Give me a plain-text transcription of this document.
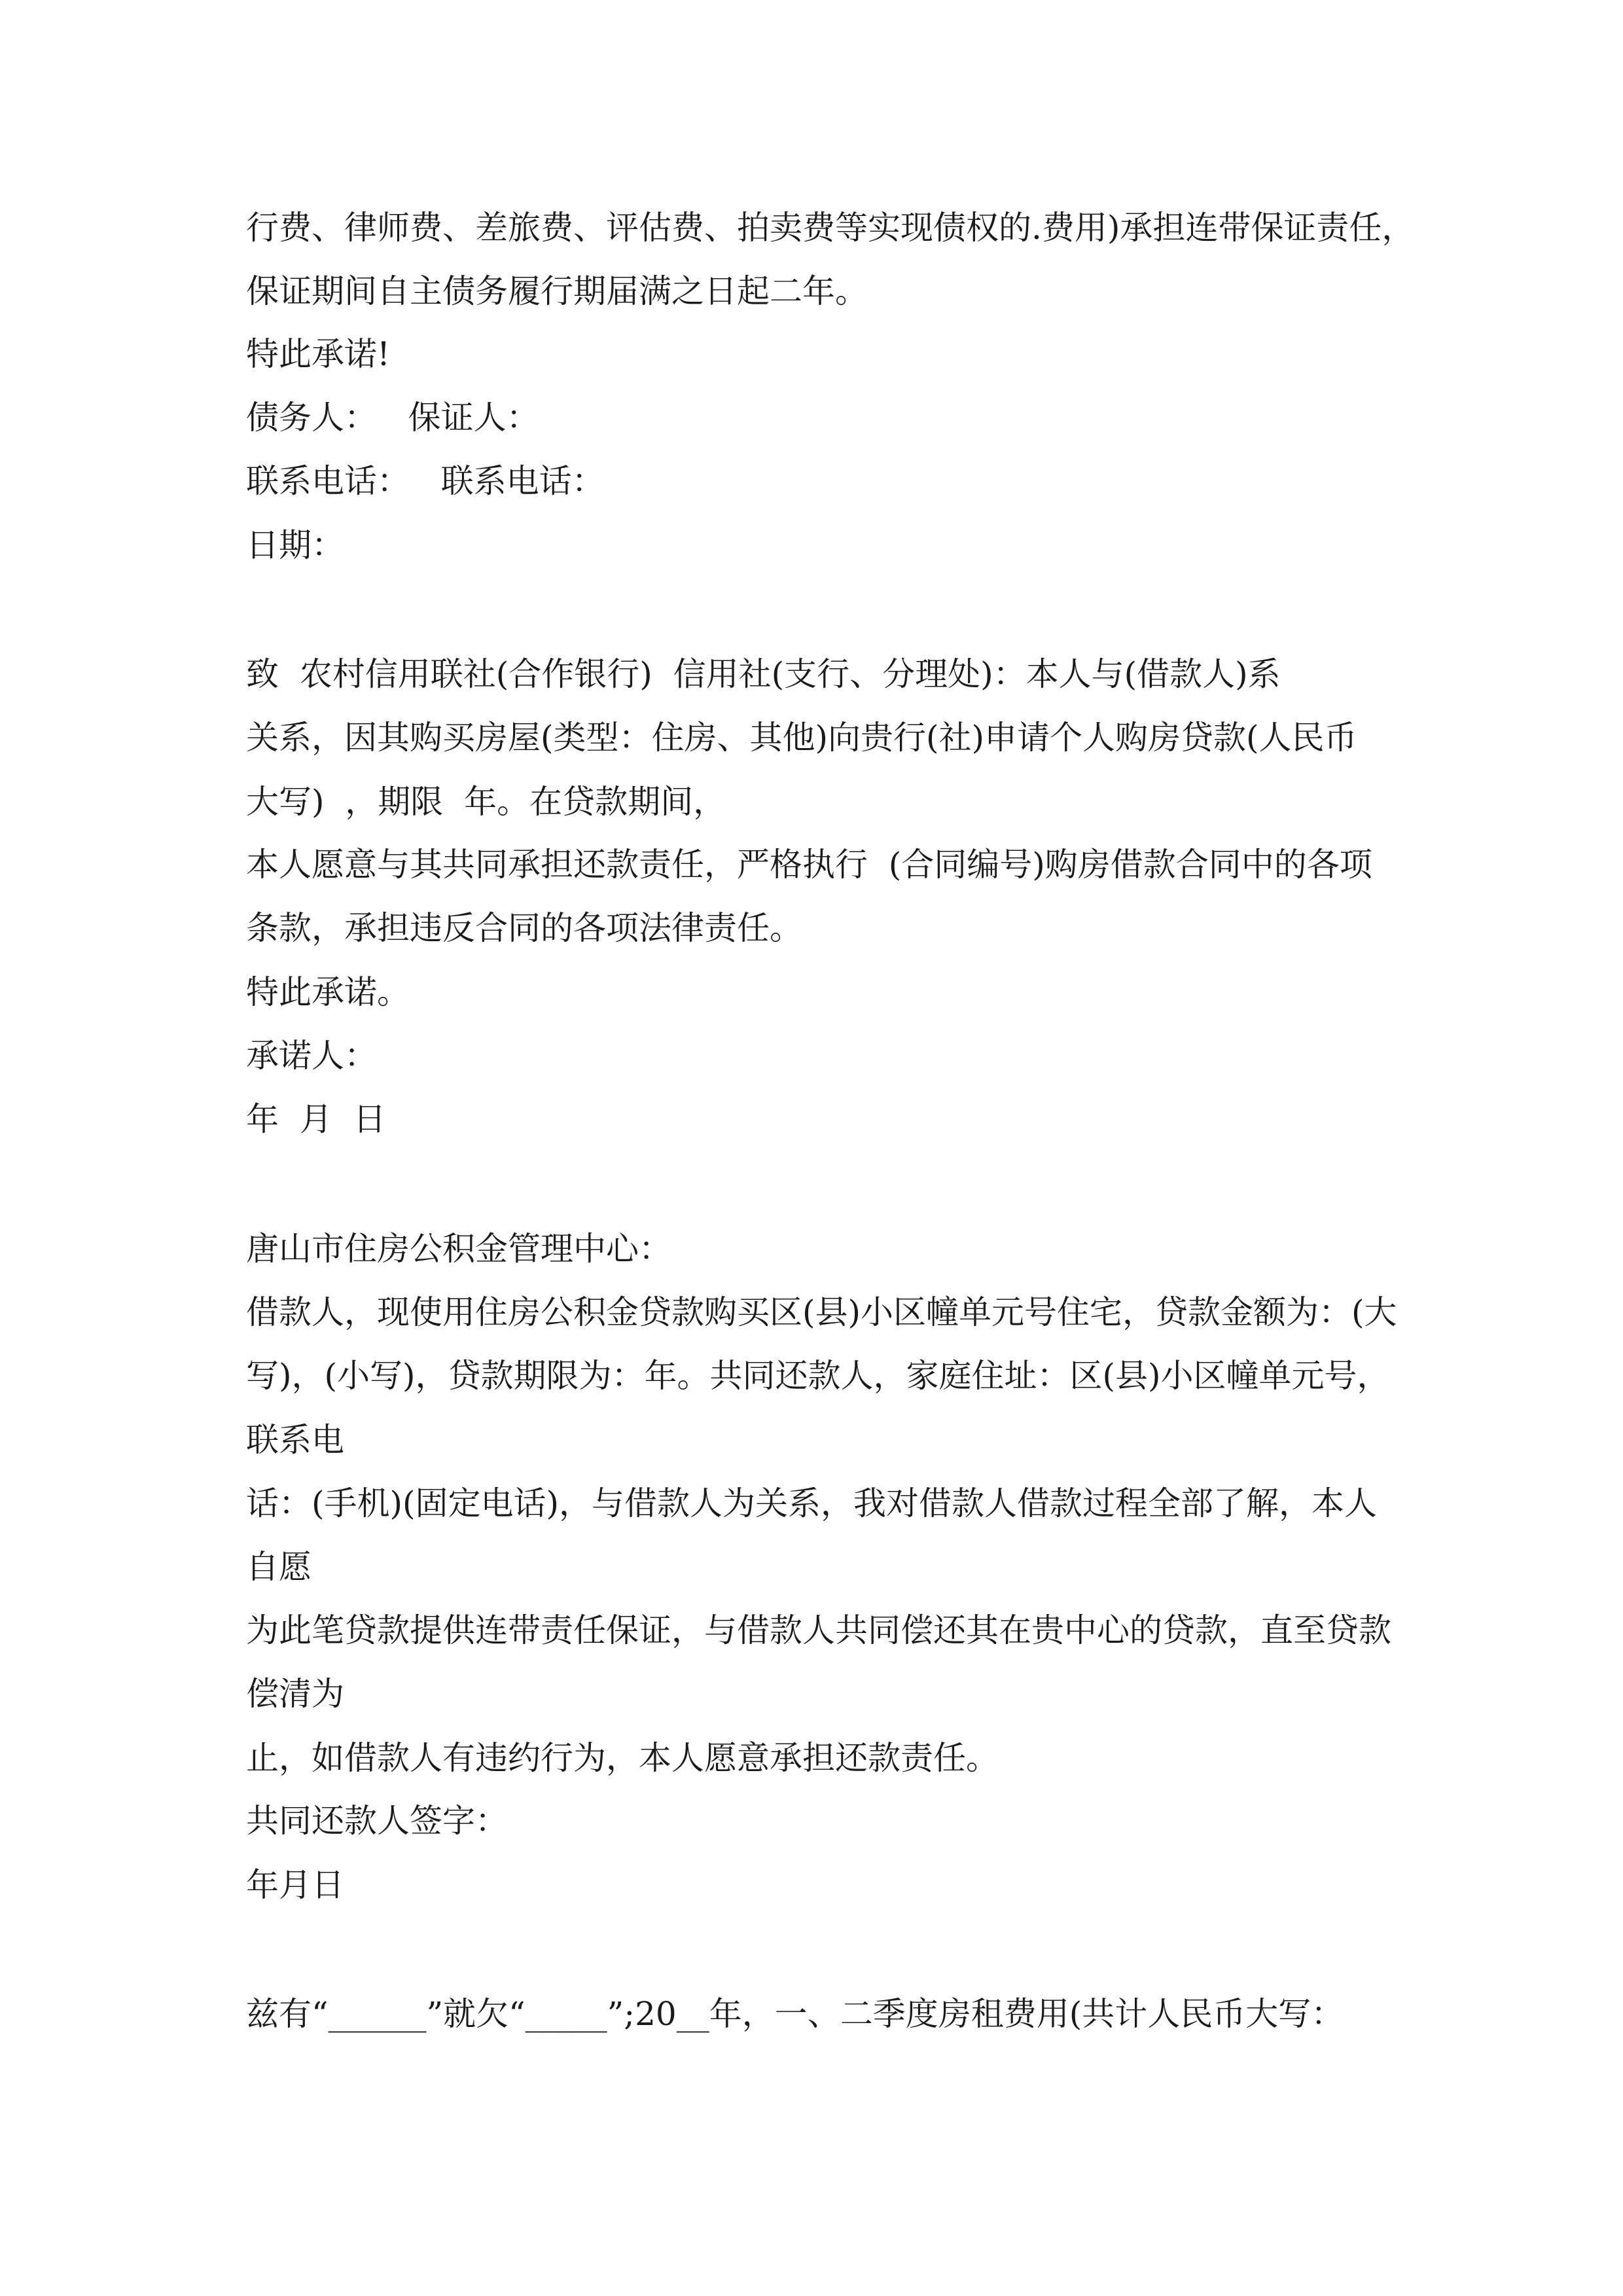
行费、律师费、差旅费、评估费、拍卖费等实现债权的.费用)承担连带保证责任，
保证期间自主债务履行期届满之日起二年。
特此承诺!
债务人：   保证人：
联系电话：   联系电话：
日期：
致  农村信用联社(合作银行)  信用社(支行、分理处)：本人与(借款人)系
关系，因其购买房屋(类型：住房、其他)向贵行(社)申请个人购房贷款(人民币
大写)  ，期限  年。在贷款期间，
本人愿意与其共同承担还款责任，严格执行  (合同编号)购房借款合同中的各项
条款，承担违反合同的各项法律责任。
特此承诺。
承诺人：
年  月  日
唐山市住房公积金管理中心：
借款人，现使用住房公积金贷款购买区(县)小区幢单元号住宅，贷款金额为：(大
写)，(小写)，贷款期限为：年。共同还款人，家庭住址：区(县)小区幢单元号，
联系电
话：(手机)(固定电话)，与借款人为关系，我对借款人借款过程全部了解，本人
自愿
为此笔贷款提供连带责任保证，与借款人共同偿还其在贵中心的贷款，直至贷款
偿清为
止，如借款人有违约行为，本人愿意承担还款责任。
共同还款人签字：
年月日
兹有“______”就欠“_____”;20__年，一、二季度房租费用(共计人民币大写：
